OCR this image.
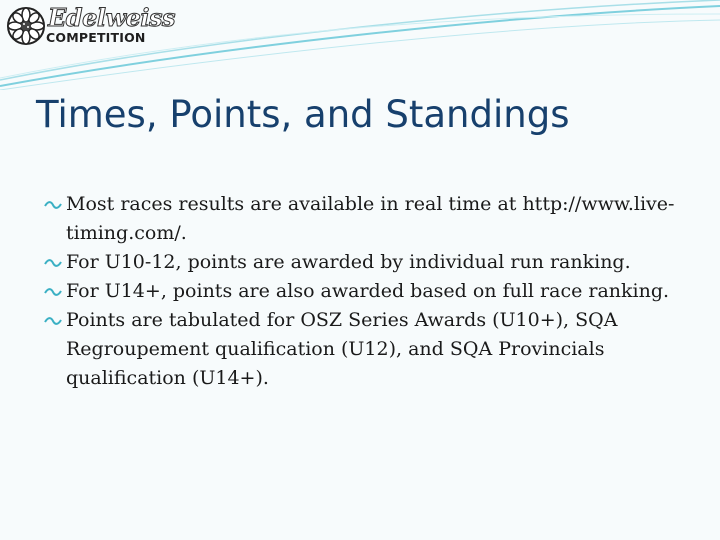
Edelweiss
COMPETITION
Times, Points, and Standings
Most races results are available in real time at http://www.live-timing.com/.
For U10-12, points are awarded by individual run ranking.
For U14+, points are also awarded based on full race ranking.
Points are tabulated for OSZ Series Awards (U10+), SQA Regroupement qualification (U12), and SQA Provincials qualification (U14+).
